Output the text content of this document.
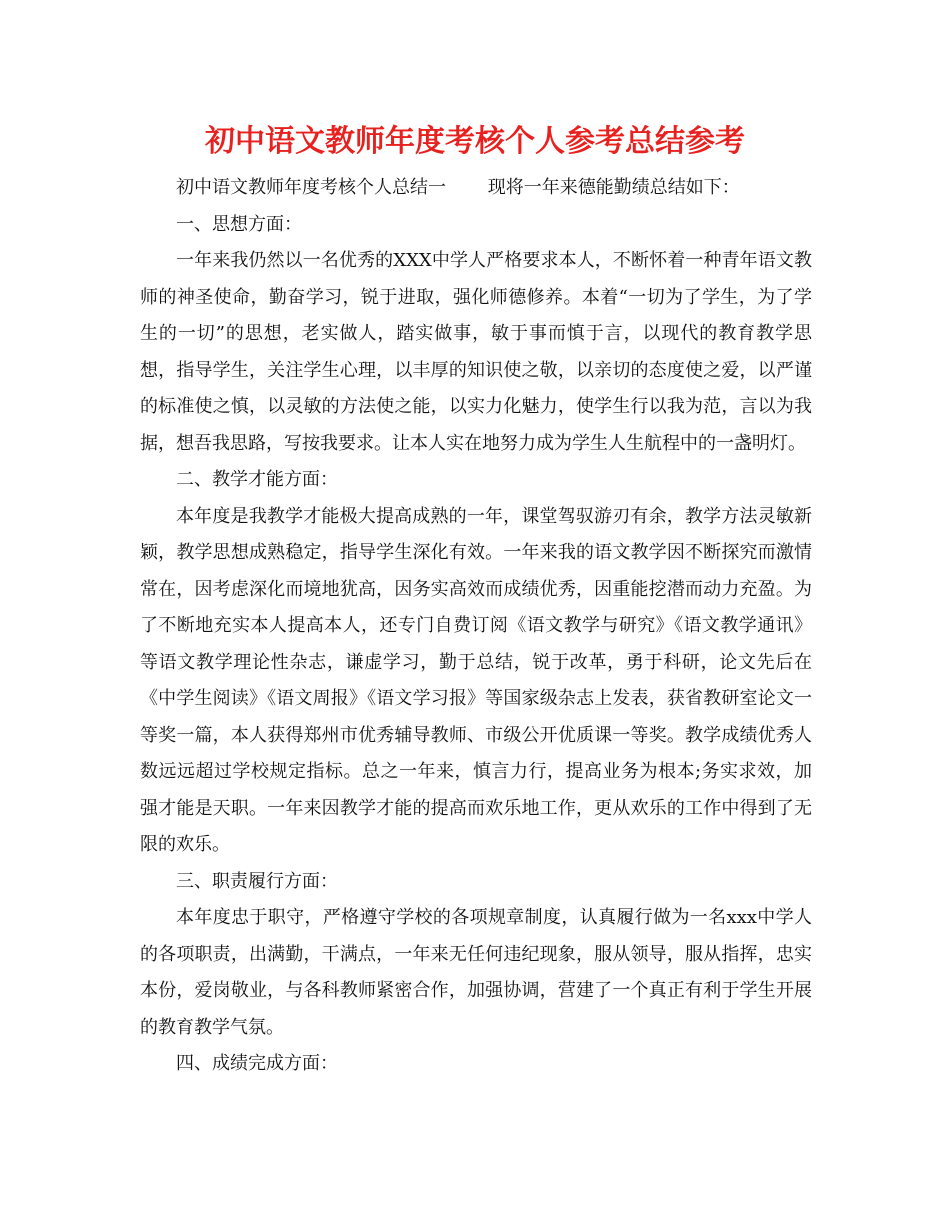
初中语文教师年度考核个人参考总结参考

初中语文教师年度考核个人总结一　　 现将一年来德能勤绩总结如下：

一、思想方面：

一年来我仍然以一名优秀的XXX中学人严格要求本人，不断怀着一种青年语文教师的神圣使命，勤奋学习，锐于进取，强化师德修养。本着“一切为了学生，为了学生的一切”的思想，老实做人，踏实做事，敏于事而慎于言，以现代的教育教学思想，指导学生，关注学生心理，以丰厚的知识使之敬，以亲切的态度使之爱，以严谨的标准使之慎，以灵敏的方法使之能，以实力化魅力，使学生行以我为范，言以为我据，想吾我思路，写按我要求。让本人实在地努力成为学生人生航程中的一盏明灯。

二、教学才能方面：

本年度是我教学才能极大提高成熟的一年，课堂驾驭游刃有余，教学方法灵敏新颖，教学思想成熟稳定，指导学生深化有效。一年来我的语文教学因不断探究而激情常在，因考虑深化而境地犹高，因务实高效而成绩优秀，因重能挖潜而动力充盈。为了不断地充实本人提高本人，还专门自费订阅《语文教学与研究》《语文教学通讯》等语文教学理论性杂志，谦虚学习，勤于总结，锐于改革，勇于科研，论文先后在《中学生阅读》《语文周报》《语文学习报》等国家级杂志上发表，获省教研室论文一等奖一篇，本人获得郑州市优秀辅导教师、市级公开优质课一等奖。教学成绩优秀人数远远超过学校规定指标。总之一年来，慎言力行，提高业务为根本;务实求效，加强才能是天职。一年来因教学才能的提高而欢乐地工作，更从欢乐的工作中得到了无限的欢乐。

三、职责履行方面：

本年度忠于职守，严格遵守学校的各项规章制度，认真履行做为一名xxx中学人的各项职责，出满勤，干满点，一年来无任何违纪现象，服从领导，服从指挥，忠实本份，爱岗敬业，与各科教师紧密合作，加强协调，营建了一个真正有利于学生开展的教育教学气氛。

四、成绩完成方面：
